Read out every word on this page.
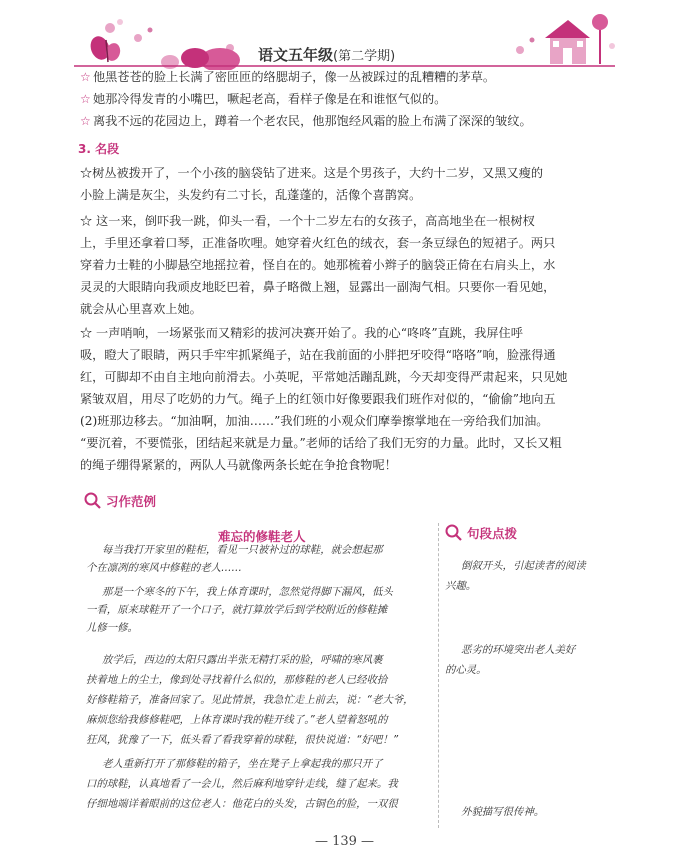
语文五年级(第二学期)
☆ 他黑苍苍的脸上长满了密匝匝的络腮胡子，像一丛被踩过的乱糟糟的茅草。
☆ 她那冷得发青的小嘴巴，噘起老高，看样子像是在和谁怄气似的。
☆ 离我不远的花园边上，蹲着一个老农民，他那饱经风霜的脸上布满了深深的皱纹。
3. 名段
☆树丛被拨开了，一个小孩的脑袋钻了进来。这是个男孩子，大约十二岁，又黑又瘦的
小脸上满是灰尘，头发约有二寸长，乱蓬蓬的，活像个喜鹊窝。
☆ 这一来，倒吓我一跳，仰头一看，一个十二岁左右的女孩子，高高地坐在一根树杈
上，手里还拿着口琴，正准备吹哩。她穿着火红色的绒衣，套一条豆绿色的短裙子。两只
穿着力士鞋的小脚悬空地摇拉着，怪自在的。她那梳着小辫子的脑袋正倚在右肩头上，水
灵灵的大眼睛向我顽皮地眨巴着，鼻子略微上翘，显露出一副淘气相。只要你一看见她，
就会从心里喜欢上她。
☆ 一声哨响，一场紧张而又精彩的拔河决赛开始了。我的心“咚咚”直跳，我屏住呼
吸，瞪大了眼睛，两只手牢牢抓紧绳子，站在我前面的小胖把牙咬得“咯咯”响，脸涨得通
红，可脚却不由自主地向前滑去。小英呢，平常她活蹦乱跳，今天却变得严肃起来，只见她
紧皱双眉，用尽了吃奶的力气。绳子上的红领巾好像要跟我们班作对似的，“偷偷”地向五
(2)班那边移去。“加油啊，加油……”我们班的小观众们摩拳擦掌地在一旁给我们加油。
“要沉着，不要慌张，团结起来就是力量。”老师的话给了我们无穷的力量。此时，又长又粗
的绳子绷得紧紧的，两队人马就像两条长蛇在争抢食物呢！
习作范例
难忘的修鞋老人
每当我打开家里的鞋柜，看见一只被补过的球鞋，就会想起那
个在凛冽的寒风中修鞋的老人……
那是一个寒冬的下午，我上体育课时，忽然觉得脚下漏风，低头
一看，原来球鞋开了一个口子，就打算放学后到学校附近的修鞋摊
儿修一修。
放学后，西边的太阳只露出半张无精打采的脸，呼啸的寒风裹
挟着地上的尘土，像到处寻找着什么似的，那修鞋的老人已经收拾
好修鞋箱子，准备回家了。见此情景，我急忙走上前去，说：“老大爷，
麻烦您给我修修鞋吧，上体育课时我的鞋开线了。”老人望着怒吼的
狂风，犹豫了一下，低头看了看我穿着的球鞋，很快说道：“好吧！”
老人重新打开了那修鞋的箱子，坐在凳子上拿起我的那只开了
口的球鞋，认真地看了一会儿，然后麻利地穿针走线，缝了起来。我
仔细地端详着眼前的这位老人：他花白的头发，古铜色的脸，一双很
句段点拨
倒叙开头，引起读者的阅读
兴趣。
恶劣的环境突出老人美好
的心灵。
外貌描写很传神。
— 139 —
